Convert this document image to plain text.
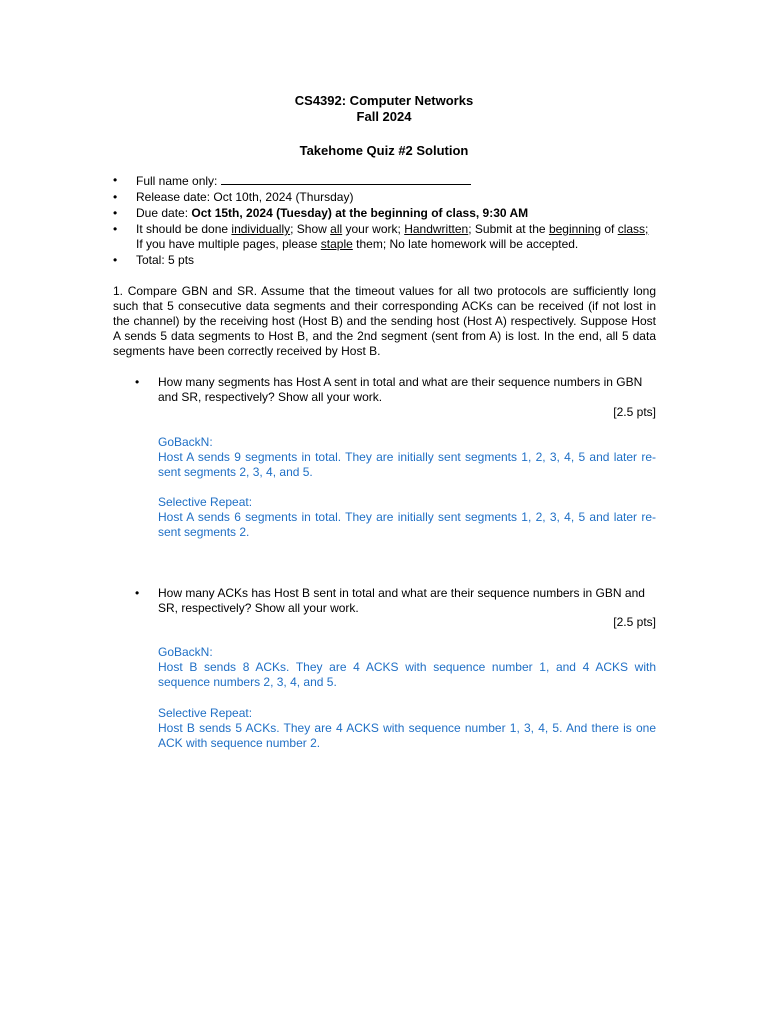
CS4392: Computer Networks
Fall 2024
Takehome Quiz #2 Solution
• Full name only:
• Release date: Oct 10th, 2024 (Thursday)
• Due date: Oct 15th, 2024 (Tuesday) at the beginning of class, 9:30 AM
• It should be done individually; Show all your work; Handwritten; Submit at the beginning of class; If you have multiple pages, please staple them; No late homework will be accepted.
• Total: 5 pts
1. Compare GBN and SR. Assume that the timeout values for all two protocols are sufficiently long such that 5 consecutive data segments and their corresponding ACKs can be received (if not lost in the channel) by the receiving host (Host B) and the sending host (Host A) respectively. Suppose Host A sends 5 data segments to Host B, and the 2nd segment (sent from A) is lost. In the end, all 5 data segments have been correctly received by Host B.
• How many segments has Host A sent in total and what are their sequence numbers in GBN and SR, respectively? Show all your work.
[2.5 pts]
GoBackN:
Host A sends 9 segments in total. They are initially sent segments 1, 2, 3, 4, 5 and later re-sent segments 2, 3, 4, and 5.
Selective Repeat:
Host A sends 6 segments in total. They are initially sent segments 1, 2, 3, 4, 5 and later re-sent segments 2.
• How many ACKs has Host B sent in total and what are their sequence numbers in GBN and SR, respectively? Show all your work.
[2.5 pts]
GoBackN:
Host B sends 8 ACKs. They are 4 ACKS with sequence number 1, and 4 ACKS with sequence numbers 2, 3, 4, and 5.
Selective Repeat:
Host B sends 5 ACKs. They are 4 ACKS with sequence number 1, 3, 4, 5. And there is one ACK with sequence number 2.
